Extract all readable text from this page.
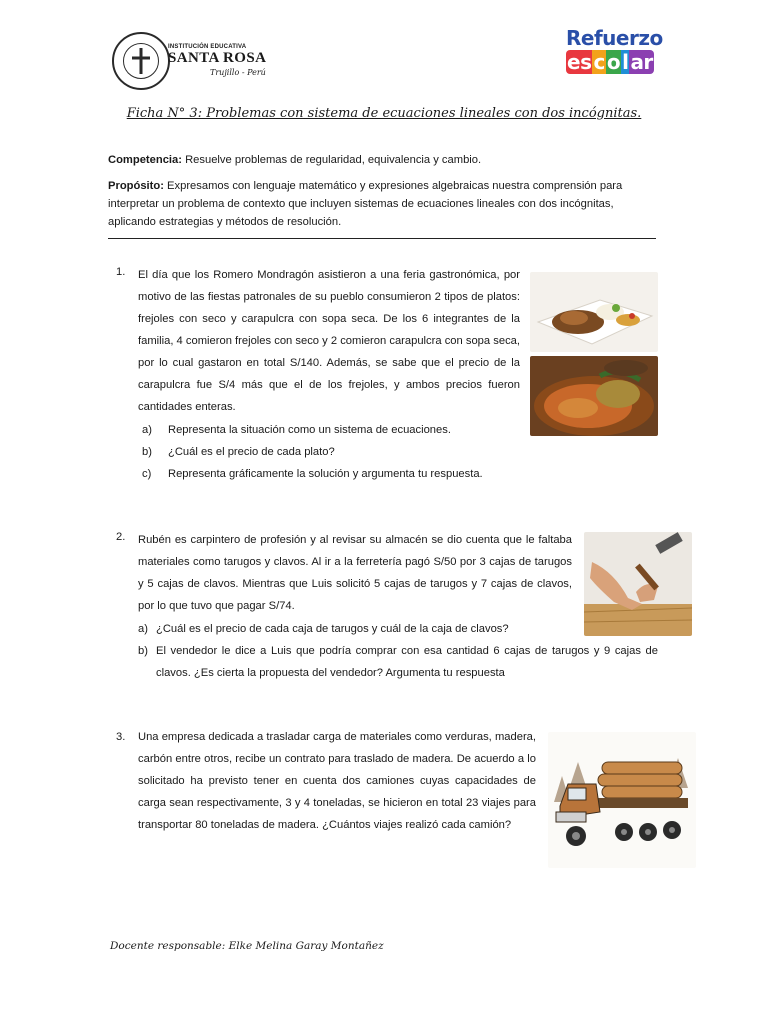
INSTITUCIÓN EDUCATIVA
SANTA ROSA
Trujillo - Perú
Refuerzo
es c o l ar
Ficha N° 3: Problemas con sistema de ecuaciones lineales con dos incógnitas.
Competencia: Resuelve problemas de regularidad, equivalencia y cambio.
Propósito: Expresamos con lenguaje matemático y expresiones algebraicas nuestra comprensión para interpretar un problema de contexto que incluyen sistemas de ecuaciones lineales con dos incógnitas, aplicando estrategias y métodos de resolución.
1. El día que los Romero Mondragón asistieron a una feria gastronómica, por motivo de las fiestas patronales de su pueblo consumieron 2 tipos de platos: frejoles con seco y carapulcra con sopa seca. De los 6 integrantes de la familia, 4 comieron frejoles con seco y 2 comieron carapulcra con sopa seca, por lo cual gastaron en total S/140. Además, se sabe que el precio de la carapulcra fue S/4 más que el de los frejoles, y ambos precios fueron cantidades enteras.
a) Representa la situación como un sistema de ecuaciones.
b) ¿Cuál es el precio de cada plato?
c) Representa gráficamente la solución y argumenta tu respuesta.
2. Rubén es carpintero de profesión y al revisar su almacén se dio cuenta que le faltaba materiales como tarugos y clavos. Al ir a la ferretería pagó S/50 por 3 cajas de tarugos y 5 cajas de clavos. Mientras que Luis solicitó 5 cajas de tarugos y 7 cajas de clavos, por lo que tuvo que pagar S/74.
a) ¿Cuál es el precio de cada caja de tarugos y cuál de la caja de clavos?
b) El vendedor le dice a Luis que podría comprar con esa cantidad 6 cajas de tarugos y 9 cajas de clavos. ¿Es cierta la propuesta del vendedor? Argumenta tu respuesta
3. Una empresa dedicada a trasladar carga de materiales como verduras, madera, carbón entre otros, recibe un contrato para traslado de madera. De acuerdo a lo solicitado ha previsto tener en cuenta dos camiones cuyas capacidades de carga sean respectivamente, 3 y 4 toneladas, se hicieron en total 23 viajes para transportar 80 toneladas de madera. ¿Cuántos viajes realizó cada camión?
Docente responsable: Elke Melina Garay Montañez
